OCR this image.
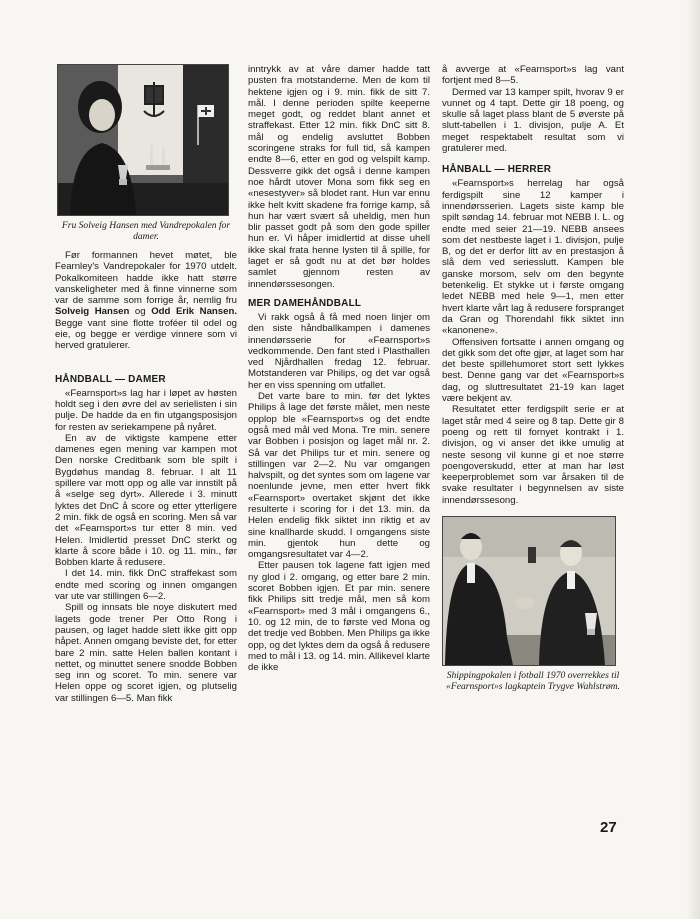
Fru Solveig Hansen med Vandrepokalen for damer.

Før formannen hevet møtet, ble Fearnley's Vandrepokaler for 1970 utdelt. Pokalkomiteen hadde ikke hatt større vanskeligheter med å finne vinnerne som var de samme som forrige år, nemlig fru Solveig Hansen og Odd Erik Nansen. Begge vant sine flotte troféer til odel og eie, og begge er verdige vinnere som vi herved gratulerer.

HÅNDBALL — DAMER

«Fearnsport»s lag har i løpet av høsten holdt seg i den øvre del av serielisten i sin pulje. De hadde da en fin utgangsposisjon for resten av seriekampene på nyåret.

En av de viktigste kampene etter damenes egen mening var kampen mot Den norske Creditbank som ble spilt i Bygdøhus mandag 8. februar. I alt 11 spillere var mott opp og alle var innstilt på å «selge seg dyrt». Allerede i 3. minutt lyktes det DnC å score og etter ytterligere 2 min. fikk de også en scoring. Men så var det «Fearnsport»s tur etter 8 min. ved Helen. Imidlertid presset DnC sterkt og klarte å score både i 10. og 11. min., før Bobben klarte å redusere.

I det 14. min. fikk DnC straffekast som endte med scoring og innen omgangen var ute var stillingen 6—2.

Spill og innsats ble noye diskutert med lagets gode trener Per Otto Rong i pausen, og laget hadde slett ikke gitt opp håpet. Annen omgang beviste det, for etter bare 2 min. satte Helen ballen kontant i nettet, og minuttet senere snodde Bobben seg inn og scoret. To min. senere var Helen oppe og scoret igjen, og plutselig var stillingen 6—5. Man fikk

inntrykk av at våre damer hadde tatt pusten fra motstanderne. Men de kom til hektene igjen og i 9. min. fikk de sitt 7. mål. I denne perioden spilte keeperne meget godt, og reddet blant annet et straffekast. Etter 12 min. fikk DnC sitt 8. mål og endelig avsluttet Bobben scoringene straks for full tid, så kampen endte 8—6, etter en god og velspilt kamp. Dessverre gikk det også i denne kampen noe hårdt utover Mona som fikk seg en «nesestyver» så blodet rant. Hun var ennu ikke helt kvitt skadene fra forrige kamp, så hun har vært svært så uheldig, men hun blir passet godt på som den gode spiller hun er. Vi håper imidlertid at disse uhell ikke skal frata henne lysten til å spille, for laget er så godt nu at det bør holdes samlet gjennom resten av innendørssesongen.

MER DAMEHÅNDBALL

Vi rakk også å få med noen linjer om den siste håndballkampen i damenes innendørsserie for «Fearnsport»s vedkommende. Den fant sted i Plasthallen ved Njårdhallen fredag 12. februar. Motstanderen var Philips, og det var også her en viss spenning om utfallet.

Det varte bare to min. før det lyktes Philips å lage det første målet, men neste opplop ble «Fearnsport»s og det endte også med mål ved Mona. Tre min. senere var Bobben i posisjon og laget mål nr. 2. Så var det Philips tur et min. senere og stillingen var 2—2. Nu var omgangen halvspilt, og det syntes som om lagene var noenlunde jevne, men etter hvert fikk «Fearnsport» overtaket skjønt det ikke resulterte i scoring for i det 13. min. da Helen endelig fikk siktet inn riktig et av sine knallharde skudd. I omgangens siste min. gjentok hun dette og omgangsresultatet var 4—2.

Etter pausen tok lagene fatt igjen med ny glod i 2. omgang, og etter bare 2 min. scoret Bobben igjen. Et par min. senere fikk Philips sitt tredje mål, men så kom «Fearnsport» med 3 mål i omgangens 6., 10. og 12 min, de to første ved Mona og det tredje ved Bobben. Men Philips ga ikke opp, og det lyktes dem da også å redusere med to mål i 13. og 14. min. Allikevel klarte de ikke

å avverge at «Fearnsport»s lag vant fortjent med 8—5.

Dermed var 13 kamper spilt, hvorav 9 er vunnet og 4 tapt. Dette gir 18 poeng, og skulle så laget plass blant de 5 øverste på slutt-tabellen i 1. divisjon, pulje A. Et meget respektabelt resultat som vi gratulerer med.

HÅNBALL — HERRER

«Fearnsport»s herrelag har også ferdigspilt sine 12 kamper i innendørsserien. Lagets siste kamp ble spilt søndag 14. februar mot NEBB I. L. og endte med seier 21—19. NEBB ansees som det nestbeste laget i 1. divisjon, pulje B, og det er derfor litt av en prestasjon å slå dem ved seriesslutt. Kampen ble ganske morsom, selv om den begynte betenkelig. Et stykke ut i første omgang ledet NEBB med hele 9—1, men etter hvert klarte vårt lag å redusere forspranget da Gran og Thorendahl fikk siktet inn «kanonene».

Offensiven fortsatte i annen omgang og det gikk som det ofte gjør, at laget som har det beste spillehumoret stort sett lykkes best. Denne gang var det «Fearnsport»s dag, og sluttresultatet 21-19 kan laget være bekjent av.

Resultatet etter ferdigspilt serie er at laget står med 4 seire og 8 tap. Dette gir 8 poeng og rett til fornyet kontrakt i 1. divisjon, og vi anser det ikke umulig at neste sesong vil kunne gi et noe større poengoverskudd, etter at man har løst keeperproblemet som var årsaken til de svake resultater i begynnelsen av siste innendørssesong.

Shippingpokalen i fotball 1970 overrekkes til «Fearnsport»s lagkaptein Trygve Wahlstrøm.
27
